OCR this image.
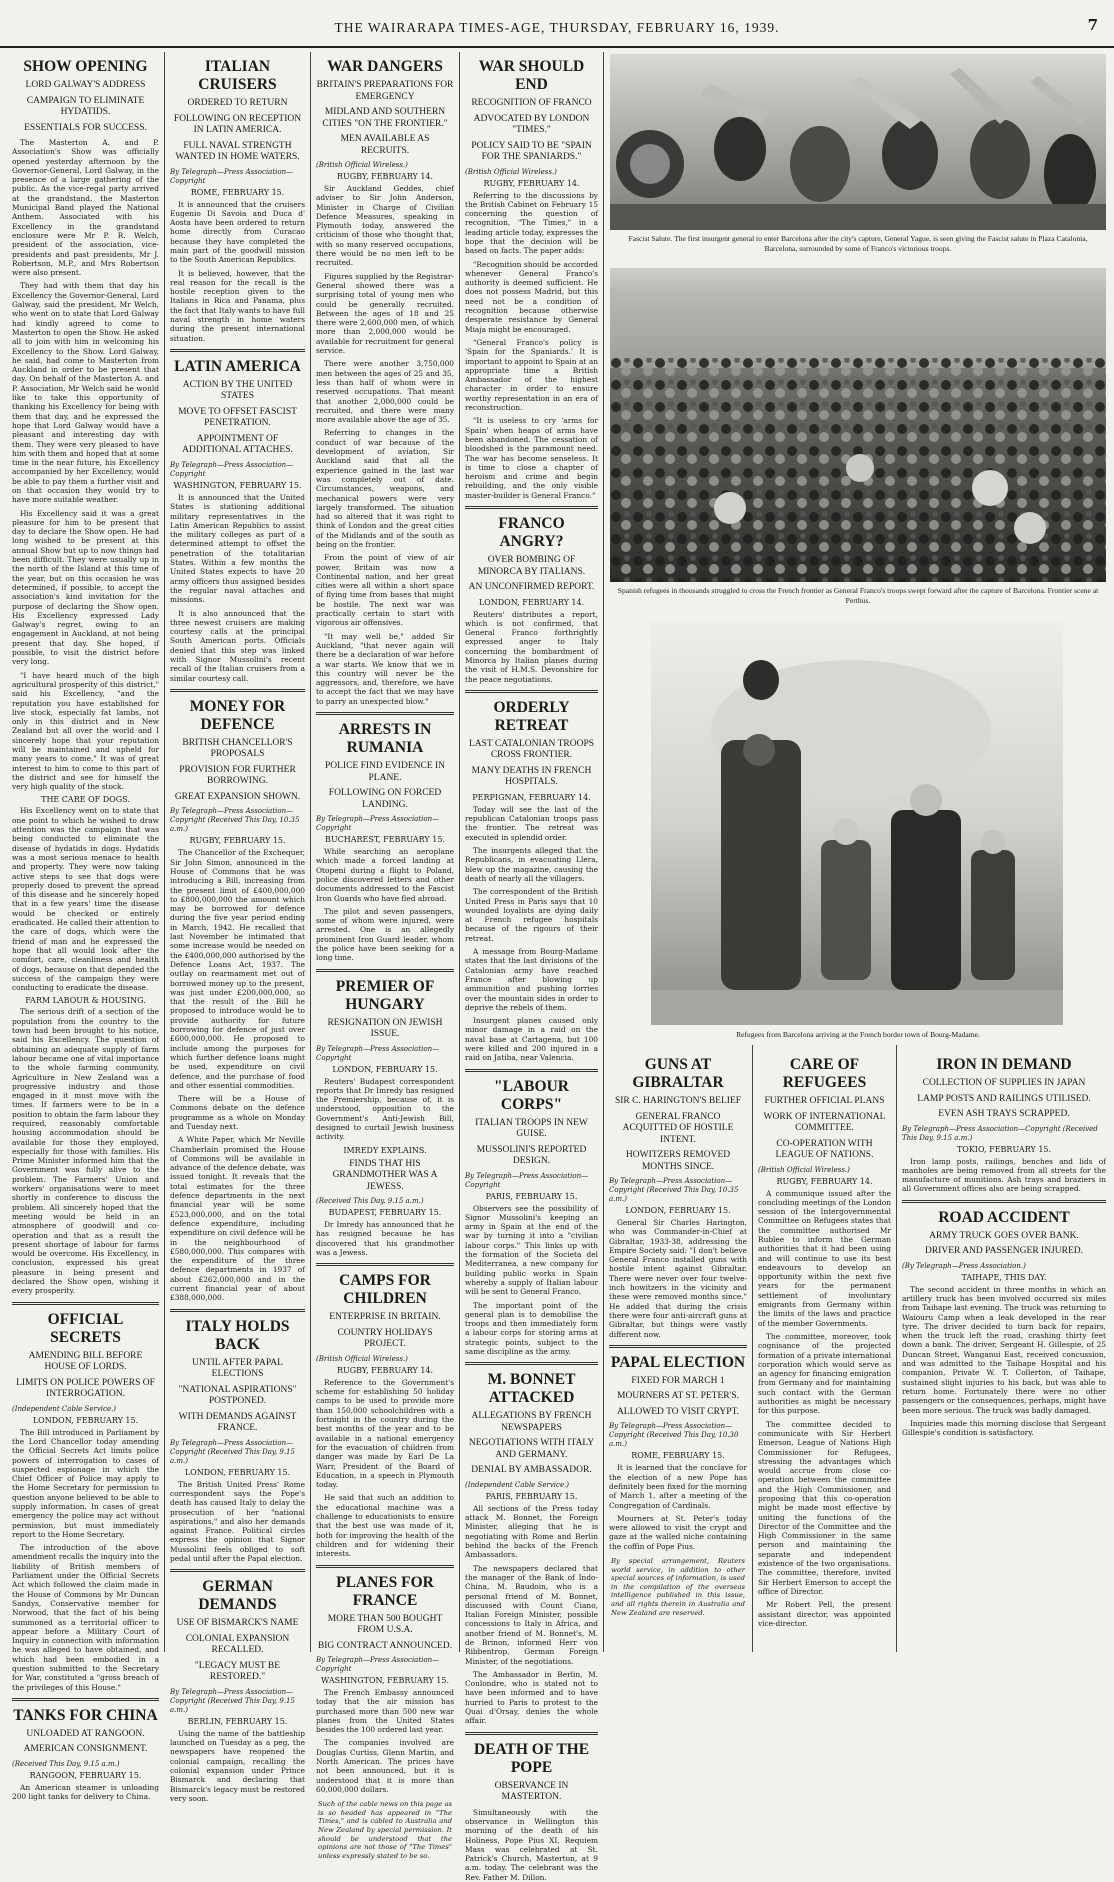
THE WAIRARAPA TIMES-AGE, THURSDAY, FEBRUARY 16, 1939.	7
SHOW OPENING
LORD GALWAY'S ADDRESS
CAMPAIGN TO ELIMINATE HYDATIDS.
ESSENTIALS FOR SUCCESS.

The Masterton A. and P. Association's Show was officially opened yesterday afternoon by the Governor-General, Lord Galway, in the presence of a large gathering of the public. As the vice-regal party arrived at the grandstand, the Masterton Municipal Band played the National Anthem. Associated with his Excellency in the grandstand enclosure were Mr P. R. Welch, president of the association, vice-presidents and past presidents, Mr J. Robertson, M.P., and Mrs Robertson were also present.

They had with them that day his Excellency the Governor-General, Lord Galway, said the president, Mr Welch, who went on to state that Lord Galway had kindly agreed to come to Masterton to open the Show. He asked all to join with him in welcoming his Excellency to the Show. Lord Galway, he said, had come to Masterton from Auckland in order to be present that day. On behalf of the Masterton A. and P. Association, Mr Welch said he would like to take this opportunity of thanking his Excellency for being with them that day, and he expressed the hope that Lord Galway would have a pleasant and interesting day with them. They were very pleased to have him with them and hoped that at some time in the near future, his Excellency accompanied by her Excellency, would be able to pay them a further visit and on that occasion they would try to have more suitable weather.

His Excellency said it was a great pleasure for him to be present that day to declare the Show open. He had long wished to be present at this annual Show but up to now things had been difficult. They were usually up in the north of the Island at this time of the year, but on this occasion he was determined, if possible, to accept the association's kind invitation for the purpose of declaring the Show open. His Excellency expressed Lady Galway's regret, owing to an engagement in Auckland, at not being present that day. She hoped, if possible, to visit the district before very long.

"I have heard much of the high agricultural prosperity of this district," said his Excellency, "and the reputation you have established for live stock, especially fat lambs, not only in this district and in New Zealand but all over the world and I sincerely hope that your reputation will be maintained and upheld for many years to come." It was of great interest to him to come to this part of the district and see for himself the very high quality of the stock.

THE CARE OF DOGS.

His Excellency went on to state that one point to which he wished to draw attention was the campaign that was being conducted to eliminate the disease of hydatids in dogs. Hydatids was a most serious menace to health and property. They were now taking active steps to see that dogs were properly dosed to prevent the spread of this disease and he sincerely hoped that in a few years' time the disease would be checked or entirely eradicated. He called their attention to the care of dogs, which were the friend of man and he expressed the hope that all would look after the comfort, care, cleanliness and health of dogs, because on that depended the success of the campaign they were conducting to eradicate the disease.

FARM LABOUR & HOUSING.

The serious drift of a section of the population from the country to the town had been brought to his notice, said his Excellency. The question of obtaining an adequate supply of farm labour became one of vital importance to the whole farming community. Agriculture in New Zealand was a progressive industry and those engaged in it must move with the times. If farmers were to be in a position to obtain the farm labour they required, reasonably comfortable housing accommodation should be available for those they employed, especially for those with families. His Prime Minister informed him that the Government was fully alive to the problem. The Farmers' Union and workers' organisations were to meet shortly in conference to discuss the problem. All sincerely hoped that the meeting would be held in an atmosphere of goodwill and co-operation and that as a result the present shortage of labour for farms would be overcome. His Excellency, in conclusion, expressed his great pleasure in being present and declared the Show open, wishing it every prosperity.

OFFICIAL SECRETS
AMENDING BILL BEFORE HOUSE OF LORDS.
LIMITS ON POLICE POWERS OF INTERROGATION.
(Independent Cable Service.)
LONDON, FEBRUARY 15.

The Bill introduced in Parliament by the Lord Chancellor today amending the Official Secrets Act limits police powers of interrogation to cases of suspected espionage in which the Chief Officer of Police may apply to the Home Secretary for permission to question anyone believed to be able to supply information. In cases of great emergency the police may act without permission, but must immediately report to the Home Secretary.

The introduction of the above amendment recalls the inquiry into the liability of British members of Parliament under the Official Secrets Act which followed the claim made in the House of Commons by Mr Duncan Sandys, Conservative member for Norwood, that the fact of his being summoned as a territorial officer to appear before a Military Court of Inquiry in connection with information he was alleged to have obtained, and which had been embodied in a question submitted to the Secretary for War, constituted a "gross breach of the privileges of this House."

TANKS FOR CHINA
UNLOADED AT RANGOON.
AMERICAN CONSIGNMENT.
(Received This Day, 9.15 a.m.)
RANGOON, FEBRUARY 15.

An American steamer is unloading 200 light tanks for delivery to China.

ITALIAN CRUISERS
ORDERED TO RETURN
FOLLOWING ON RECEPTION IN LATIN AMERICA.
FULL NAVAL STRENGTH WANTED IN HOME WATERS.
By Telegraph—Press Association—Copyright
ROME, FEBRUARY 15.

It is announced that the cruisers Eugenio Di Savoia and Duca d' Aosta have been ordered to return home directly from Curacao because they have completed the main part of the goodwill mission to the South American Republics.

It is believed, however, that the real reason for the recall is the hostile reception given to the Italians in Rica and Panama, plus the fact that Italy wants to have full naval strength in home waters during the present international situation.

LATIN AMERICA
ACTION BY THE UNITED STATES
MOVE TO OFFSET FASCIST PENETRATION.
APPOINTMENT OF ADDITIONAL ATTACHES.
By Telegraph—Press Association—Copyright
WASHINGTON, FEBRUARY 15.

It is announced that the United States is stationing additional military representatives in the Latin American Republics to assist the military colleges as part of a determined attempt to offset the penetration of the totalitarian States. Within a few months the United States expects to have 20 army officers thus assigned besides the regular naval attaches and missions.

It is also announced that the three newest cruisers are making courtesy calls at the principal South American ports. Officials denied that this step was linked with Signor Mussolini's recent recall of the Italian cruisers from a similar courtesy call.

MONEY FOR DEFENCE
BRITISH CHANCELLOR'S PROPOSALS
PROVISION FOR FURTHER BORROWING.
GREAT EXPANSION SHOWN.
By Telegraph—Press Association—Copyright (Received This Day, 10.35 a.m.)
RUGBY, FEBRUARY 15.

The Chancellor of the Exchequer, Sir John Simon, announced in the House of Commons that he was introducing a Bill, increasing from the present limit of £400,000,000 to £800,000,000 the amount which may be borrowed for defence during the five year period ending in March, 1942. He recalled that last November he intimated that some increase would be needed on the £400,000,000 authorised by the Defence Loans Act, 1937. The outlay on rearmament met out of borrowed money up to the present, was just under £200,000,000, so that the result of the Bill he proposed to introduce would be to provide authority for future borrowing for defence of just over £600,000,000. He proposed to include among the purposes for which further defence loans might be used, expenditure on civil defence, and the purchase of food and other essential commodities.

There will be a House of Commons debate on the defence programme as a whole on Monday and Tuesday next.

A White Paper, which Mr Neville Chamberlain promised the House of Commons will be available in advance of the defence debate, was issued tonight. It reveals that the total estimates for the three defence departments in the next financial year will be some £523,000,000, and on the total defence expenditure, including expenditure on civil defence will be in the neighbourhood of £580,000,000. This compares with the expenditure of the three defence departments in 1937 of about £262,000,000 and in the current financial year of about £388,000,000.

ITALY HOLDS BACK
UNTIL AFTER PAPAL ELECTIONS
"NATIONAL ASPIRATIONS" POSTPONED.
WITH DEMANDS AGAINST FRANCE.
By Telegraph—Press Association—Copyright (Received This Day, 9.15 a.m.)
LONDON, FEBRUARY 15.

The British United Press' Rome correspondent says the Pope's death has caused Italy to delay the prosecution of her "national aspirations," and also her demands against France. Political circles express the opinion that Signor Mussolini feels obliged to soft pedal until after the Papal election.

GERMAN DEMANDS
USE OF BISMARCK'S NAME
COLONIAL EXPANSION RECALLED.
"LEGACY MUST BE RESTORED."
By Telegraph—Press Association—Copyright (Received This Day, 9.15 a.m.)
BERLIN, FEBRUARY 15.

Using the name of the battleship launched on Tuesday as a peg, the newspapers have reopened the colonial campaign, recalling the colonial expansion under Prince Bismarck and declaring that Bismarck's legacy must be restored very soon.

WAR DANGERS
BRITAIN'S PREPARATIONS FOR EMERGENCY
MIDLAND AND SOUTHERN CITIES "ON THE FRONTIER."
MEN AVAILABLE AS RECRUITS.
(British Official Wireless.)
RUGBY, FEBRUARY 14.

Sir Auckland Geddes, chief adviser to Sir John Anderson, Minister in Charge of Civilian Defence Measures, speaking in Plymouth today, answered the criticism of those who thought that, with so many reserved occupations, there would be no men left to be recruited.

Figures supplied by the Registrar-General showed there was a surprising total of young men who could be generally recruited. Between the ages of 18 and 25 there were 2,600,000 men, of which more than 2,000,000 would be available for recruitment for general service.

There were another 3,750,000 men between the ages of 25 and 35, less than half of whom were in reserved occupations. That meant that another 2,000,000 could be recruited, and there were many more available above the age of 35.

Referring to changes in the conduct of war because of the development of aviation, Sir Auckland said that all the experience gained in the last war was completely out of date. Circumstances, weapons, and mechanical powers were very largely transformed. The situation had so altered that it was right to think of London and the great cities of the Midlands and of the south as being on the frontier.

From the point of view of air power, Britain was now a Continental nation, and her great cities were all within a short space of flying time from bases that might be hostile. The next war was practically certain to start with vigorous air offensives.

"It may well be," added Sir Auckland, "that never again will there be a declaration of war before a war starts. We know that we in this country will never be the aggressors, and, therefore, we have to accept the fact that we may have to parry an unexpected blow."

ARRESTS IN RUMANIA
POLICE FIND EVIDENCE IN PLANE.
FOLLOWING ON FORCED LANDING.
By Telegraph—Press Association—Copyright
BUCHAREST, FEBRUARY 15.

While searching an aeroplane which made a forced landing at Otopeni during a flight to Poland, police discovered letters and other documents addressed to the Fascist Iron Guards who have fled abroad.

The pilot and seven passengers, some of whom were injured, were arrested. One is an allegedly prominent Iron Guard leader, whom the police have been seeking for a long time.

PREMIER OF HUNGARY
RESIGNATION ON JEWISH ISSUE.
By Telegraph—Press Association—Copyright
LONDON, FEBRUARY 15.

Reuters' Budapest correspondent reports that Dr Imredy has resigned the Premiership, because of, it is understood, opposition to the Government's Anti-Jewish Bill, designed to curtail Jewish business activity.

IMREDY EXPLAINS.
FINDS THAT HIS GRANDMOTHER WAS A JEWESS.
(Received This Day, 9.15 a.m.)
BUDAPEST, FEBRUARY 15.

Dr Imredy has announced that he has resigned because he has discovered that his grandmother was a Jewess.

CAMPS FOR CHILDREN
ENTERPRISE IN BRITAIN.
COUNTRY HOLIDAYS PROJECT.
(British Official Wireless.)
RUGBY, FEBRUARY 14.

Reference to the Government's scheme for establishing 50 holiday camps to be used to provide more than 150,000 schoolchildren with a fortnight in the country during the best months of the year and to be available in a national emergency for the evacuation of children from danger was made by Earl De La Warr, President of the Board of Education, in a speech in Plymouth today.

He said that such an addition to the educational machine was a challenge to educationists to ensure that the best use was made of it, both for improving the health of the children and for widening their interests.

PLANES FOR FRANCE
MORE THAN 500 BOUGHT FROM U.S.A.
BIG CONTRACT ANNOUNCED.
By Telegraph—Press Association—Copyright
WASHINGTON, FEBRUARY 15.

The French Embassy announced today that the air mission has purchased more than 500 new war planes from the United States besides the 100 ordered last year.

The companies involved are Douglas Curtiss, Glenn Martin, and North American. The prices have not been announced, but it is understood that it is more than 60,000,000 dollars.

Such of the cable news on this page as is so headed has appeared in "The Times," and is cabled to Australia and New Zealand by special permission. It should be understood that the opinions are not those of "The Times" unless expressly stated to be so.
WAR SHOULD END
RECOGNITION OF FRANCO
ADVOCATED BY LONDON "TIMES."
POLICY SAID TO BE "SPAIN FOR THE SPANIARDS."
(British Official Wireless.)
RUGBY, FEBRUARY 14.

Referring to the discussions by the British Cabinet on February 15 concerning the question of recognition, "The Times," in a leading article today, expresses the hope that the decision will be based on facts. The paper adds:

"Recognition should be accorded whenever General Franco's authority is deemed sufficient. He does not possess Madrid, but this need not be a condition of recognition because otherwise desperate resistance by General Miaja might be encouraged.

"General Franco's policy is 'Spain for the Spaniards.' It is important to appoint to Spain at an appropriate time a British Ambassador of the highest character in order to ensure worthy representation in an era of reconstruction.

"It is useless to cry 'arms for Spain' when heaps of arms have been abandoned. The cessation of bloodshed is the paramount need. The war has become senseless. It is time to close a chapter of heroism and crime and begin rebuilding, and the only visible master-builder is General Franco."

FRANCO ANGRY?
OVER BOMBING OF MINORCA BY ITALIANS.
AN UNCONFIRMED REPORT.
LONDON, FEBRUARY 14.

Reuters' distributes a report, which is not confirmed, that General Franco forthrightly expressed anger to Italy concerning the bombardment of Minorca by Italian planes during the visit of H.M.S. Devonshire for the peace negotiations.

ORDERLY RETREAT
LAST CATALONIAN TROOPS CROSS FRONTIER.
MANY DEATHS IN FRENCH HOSPITALS.
PERPIGNAN, FEBRUARY 14.

Today will see the last of the republican Catalonian troops pass the frontier. The retreat was executed in splendid order.

The insurgents alleged that the Republicans, in evacuating Llera, blew up the magazine, causing the death of nearly all the villagers.

The correspondent of the British United Press in Paris says that 10 wounded loyalists are dying daily at French refugee hospitals because of the rigours of their retreat.

A message from Bourg-Madame states that the last divisions of the Catalonian army have reached France after blowing up ammunition and pushing lorries over the mountain sides in order to deprive the rebels of them.

Insurgent planes caused only minor damage in a raid on the naval base at Cartagena, but 100 were killed and 200 injured in a raid on Jatiba, near Valencia.

"LABOUR CORPS"
ITALIAN TROOPS IN NEW GUISE.
MUSSOLINI'S REPORTED DESIGN.
By Telegraph—Press Association—Copyright
PARIS, FEBRUARY 15.

Observers see the possibility of Signor Mussolini's keeping an army in Spain at the end of the war by turning it into a "civilian labour corps." This links up with the formation of the Societa del Mediterranea, a new company for building public works in Spain whereby a supply of Italian labour will be sent to General Franco.

The important point of the general plan is to demobilise the troops and then immediately form a labour corps for storing arms at strategic points, subject to the same discipline as the army.

M. BONNET ATTACKED
ALLEGATIONS BY FRENCH NEWSPAPERS
NEGOTIATIONS WITH ITALY AND GERMANY.
DENIAL BY AMBASSADOR.
(Independent Cable Service.)
PARIS, FEBRUARY 15.

All sections of the Press today attack M. Bonnet, the Foreign Minister, alleging that he is negotiating with Rome and Berlin behind the backs of the French Ambassadors.

The newspapers declared that the manager of the Bank of Indo-China, M. Baudoin, who is a personal friend of M. Bonnet, discussed with Count Ciano, Italian Foreign Minister, possible concessions to Italy in Africa, and another friend of M. Bonnet's, M. de Brinon, informed Herr von Ribbentrop, German Foreign Minister, of the negotiations.

The Ambassador in Berlin, M. Coulondre, who is stated not to have been informed and to have hurried to Paris to protest to the Quai d'Orsay, denies the whole affair.

DEATH OF THE POPE
OBSERVANCE IN MASTERTON.

Simultaneously with the observance in Wellington this morning of the death of his Holiness, Pope Pius XI, Requiem Mass was celebrated at St. Patrick's Church, Masterton, at 9 a.m. today. The celebrant was the Rev. Father M. Dillon.

Fascist Salute. The first insurgent general to enter Barcelona after the city's capture, General Yague, is seen giving the Fascist salute in Plaza Catalonia, Barcelona, surrounded by some of Franco's victorious troops.
Spanish refugees in thousands struggled to cross the French frontier as General Franco's troops swept forward after the capture of Barcelona. Frontier scene at Perthus.
Refugees from Barcelona arriving at the French border town of Bourg-Madame.
GUNS AT GIBRALTAR
SIR C. HARINGTON'S BELIEF
GENERAL FRANCO ACQUITTED OF HOSTILE INTENT.
HOWITZERS REMOVED MONTHS SINCE.
By Telegraph—Press Association—Copyright (Received This Day, 10.35 a.m.)
LONDON, FEBRUARY 15.

General Sir Charles Harington, who was Commander-in-Chief at Gibraltar, 1933-38, addressing the Empire Society said: "I don't believe General Franco installed guns with hostile intent against Gibraltar. There were never over four twelve-inch howitzers in the vicinity and these were removed months since." He added that during the crisis there were four anti-aircraft guns at Gibraltar, but things were vastly different now.

PAPAL ELECTION
FIXED FOR MARCH 1
MOURNERS AT ST. PETER'S.
ALLOWED TO VISIT CRYPT.
By Telegraph—Press Association—Copyright (Received This Day, 10.30 a.m.)
ROME, FEBRUARY 15.

It is learned that the conclave for the election of a new Pope has definitely been fixed for the morning of March 1, after a meeting of the Congregation of Cardinals.

Mourners at St. Peter's today were allowed to visit the crypt and gaze at the walled niche containing the coffin of Pope Pius.

By special arrangement, Reuters world service, in addition to other special sources of information, is used in the compilation of the overseas intelligence published in this issue, and all rights therein in Australia and New Zealand are reserved.
CARE OF REFUGEES
FURTHER OFFICIAL PLANS
WORK OF INTERNATIONAL COMMITTEE.
CO-OPERATION WITH LEAGUE OF NATIONS.
(British Official Wireless.)
RUGBY, FEBRUARY 14.

A communique issued after the concluding meetings of the London session of the Intergovernmental Committee on Refugees states that the committee authorised Mr Rublee to inform the German authorities that it had been using and will continue to use its best endeavours to develop an opportunity within the next five years for the permanent settlement of involuntary emigrants from Germany within the limits of the laws and practice of the member Governments.

The committee, moreover, took cognisance of the projected formation of a private international corporation which would serve as an agency for financing emigration from Germany and for maintaining such contact with the German authorities as might be necessary for this purpose.

The committee decided to communicate with Sir Herbert Emerson, League of Nations High Commissioner for Refugees, stressing the advantages which would accrue from close co-operation between the committee and the High Commissioner, and proposing that this co-operation might be made most effective by uniting the functions of the Director of the Committee and the High Commissioner in the same person and maintaining the separate and independent existence of the two organisations. The committee, therefore, invited Sir Herbert Emerson to accept the office of Director.

Mr Robert Pell, the present assistant director, was appointed vice-director.

IRON IN DEMAND
COLLECTION OF SUPPLIES IN JAPAN
LAMP POSTS AND RAILINGS UTILISED.
EVEN ASH TRAYS SCRAPPED.
By Telegraph—Press Association—Copyright (Received This Day, 9.15 a.m.)
TOKIO, FEBRUARY 15.

Iron lamp posts, railings, benches and lids of manholes are being removed from all streets for the manufacture of munitions. Ash trays and braziers in all Government offices also are being scrapped.

ROAD ACCIDENT
ARMY TRUCK GOES OVER BANK.
DRIVER AND PASSENGER INJURED.
(By Telegraph—Press Association.)
TAIHAPE, THIS DAY.

The second accident in three months in which an artillery truck has been involved occurred six miles from Taihape last evening. The truck was returning to Waiouru Camp when a leak developed in the rear tyre. The driver decided to turn back for repairs, when the truck left the road, crashing thirty feet down a bank. The driver, Sergeant H. Gillespie, of 25 Duncan Street, Wanganui East, received concussion, and was admitted to the Taihape Hospital and his companion, Private W. T. Collerton, of Taihape, sustained slight injuries to his back, but was able to return home. Fortunately there were no other passengers or the consequences, perhaps, might have been more serious. The truck was badly damaged.

Inquiries made this morning disclose that Sergeant Gillespie's condition is satisfactory.
